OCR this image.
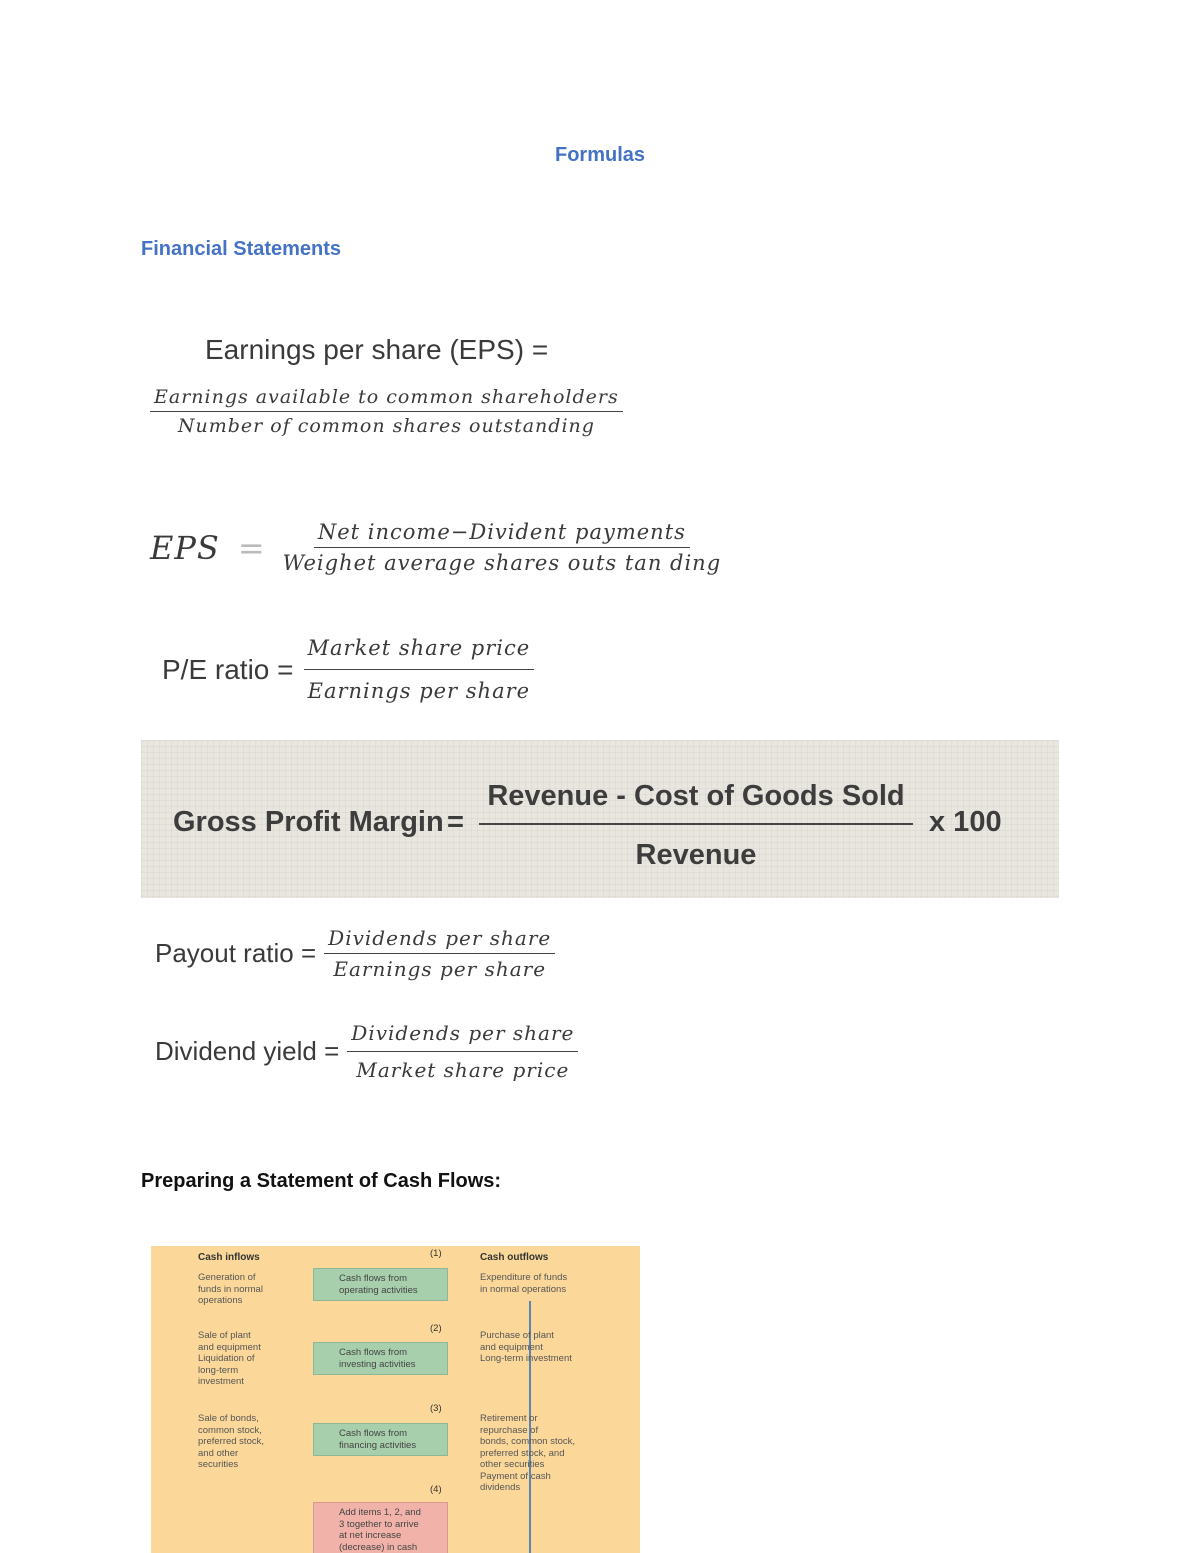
Formulas
Financial Statements
Earnings per share (EPS) =
Earnings available to common shareholders
Number of common shares outstanding
EPS = $\frac{\text{Net income−Divident payments}}{\text{Weighet average shares outs tan ding}}$
P/E ratio = $\frac{\text{Market share price}}{\text{Earnings per share}}$
Gross Profit Margin =
Revenue - Cost of Goods Sold
Revenue
x 100
Payout ratio = $\frac{\text{Dividends per share}}{\text{Earnings per share}}$
Dividend yield = $\frac{\text{Dividends per share}}{\text{Market share price}}$
Preparing a Statement of Cash Flows:
Cash inflows	Cash outflows
Generation of
funds in normal
operations
Sale of plant
and equipment
Liquidation of
long-term
investment
Sale of bonds,
common stock,
preferred stock,
and other
securities
Expenditure of funds
in normal operations
Purchase of plant
and equipment
Long-term investment
Retirement or
repurchase of
bonds, common stock,
preferred stock, and
other securities
Payment of cash
dividends
(1)
Cash flows from
operating activities
(2)
Cash flows from
investing activities
(3)
Cash flows from
financing activities
(4)
Add items 1, 2, and
3 together to arrive
at net increase
(decrease) in cash
